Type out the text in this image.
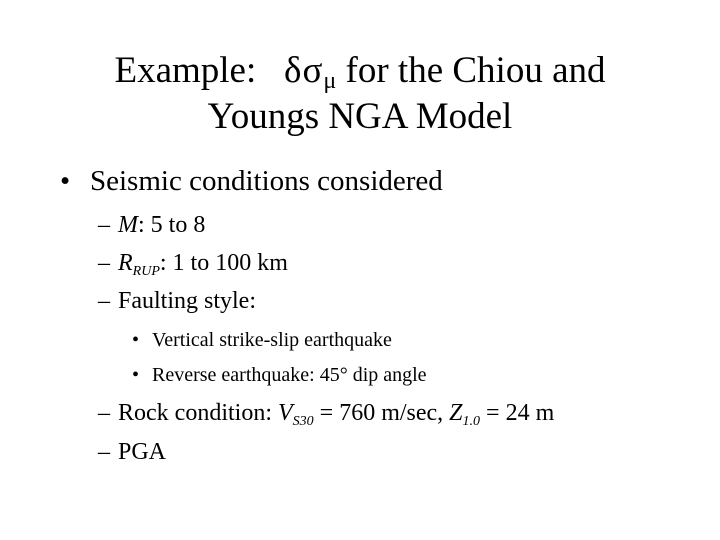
Example: $\delta\sigma_\mu$ for the Chiou and
Youngs NGA Model
• Seismic conditions considered
– M: 5 to 8
– $R_{RUP}$: 1 to 100 km
– Faulting style:
• Vertical strike-slip earthquake
• Reverse earthquake: 45° dip angle
– Rock condition: $V_{S30} = 760$ m/sec, $Z_{1.0} = 24$ m
– PGA
